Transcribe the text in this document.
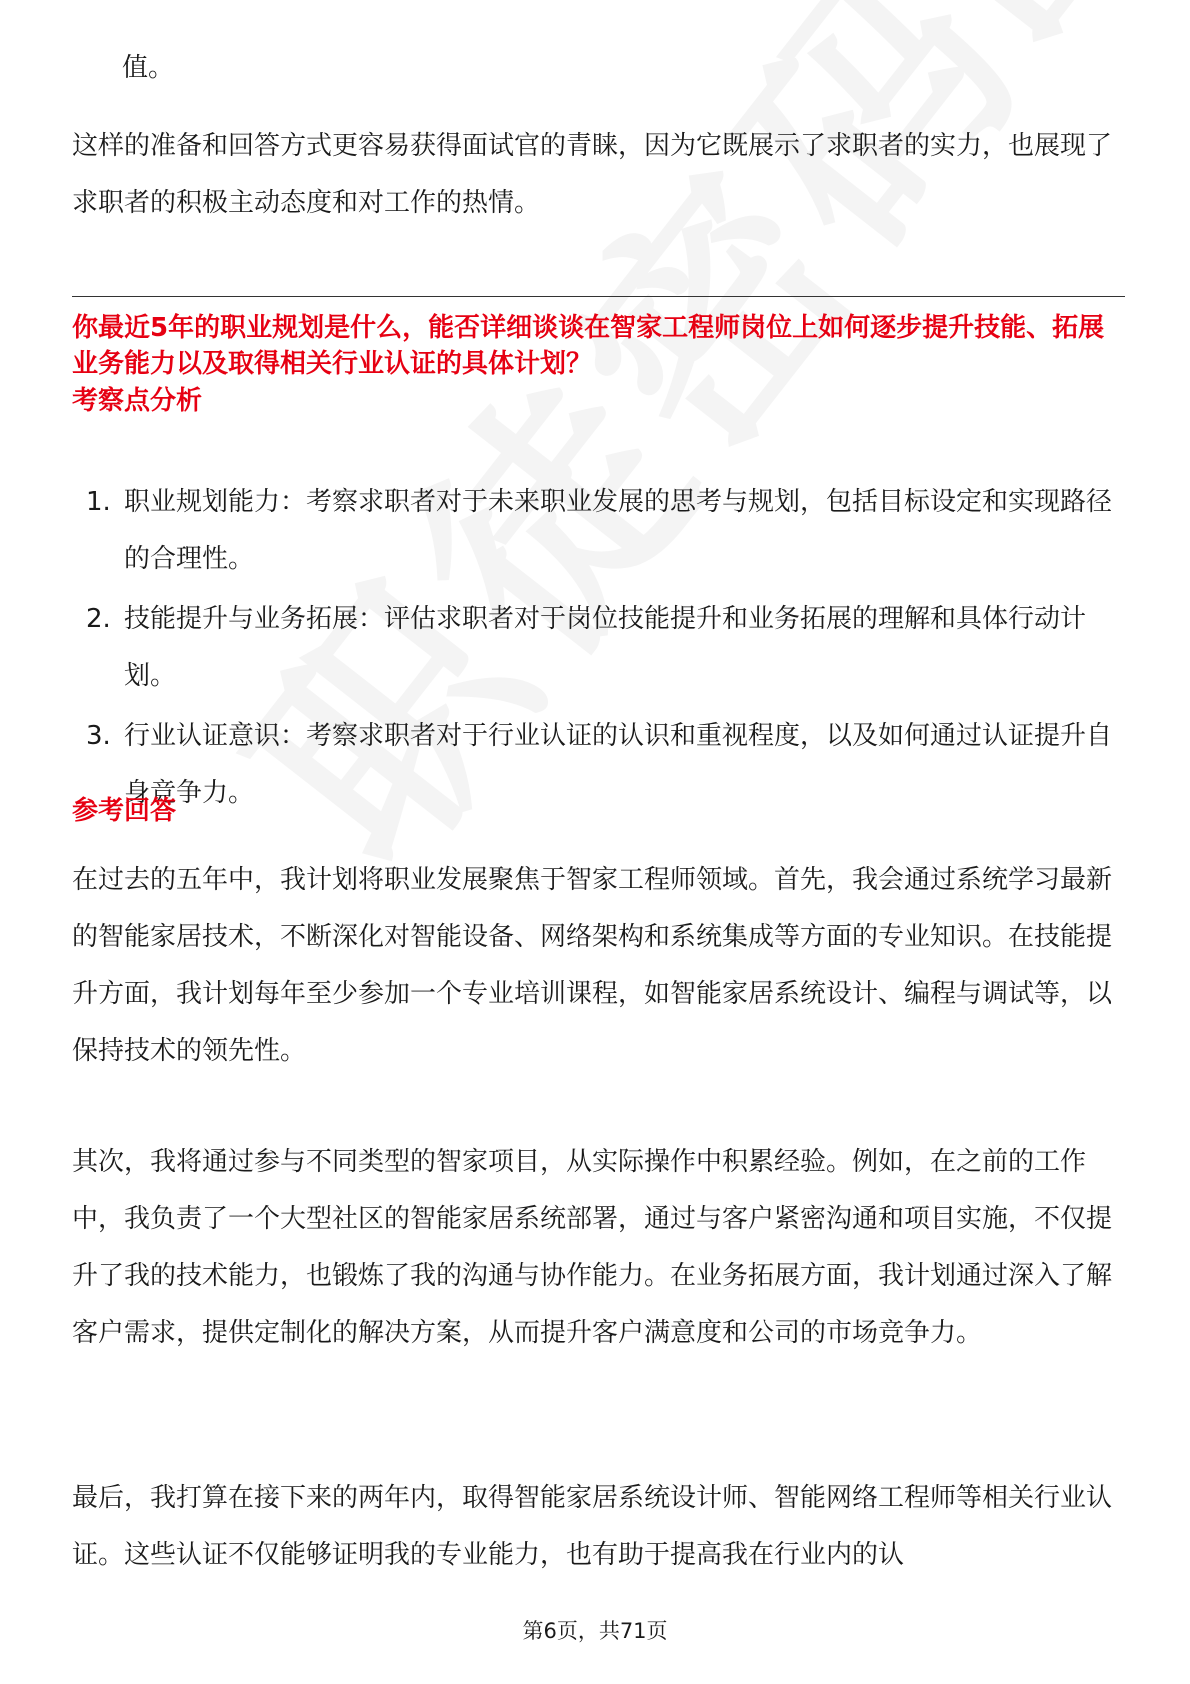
值。

这样的准备和回答方式更容易获得面试官的青睐，因为它既展示了求职者的实力，也展现了求职者的积极主动态度和对工作的热情。

你最近5年的职业规划是什么，能否详细谈谈在智家工程师岗位上如何逐步提升技能、拓展业务能力以及取得相关行业认证的具体计划？

考察点分析

1. 职业规划能力：考察求职者对于未来职业发展的思考与规划，包括目标设定和实现路径的合理性。
2. 技能提升与业务拓展：评估求职者对于岗位技能提升和业务拓展的理解和具体行动计划。
3. 行业认证意识：考察求职者对于行业认证的认识和重视程度，以及如何通过认证提升自身竞争力。

参考回答

在过去的五年中，我计划将职业发展聚焦于智家工程师领域。首先，我会通过系统学习最新的智能家居技术，不断深化对智能设备、网络架构和系统集成等方面的专业知识。在技能提升方面，我计划每年至少参加一个专业培训课程，如智能家居系统设计、编程与调试等，以保持技术的领先性。

其次，我将通过参与不同类型的智家项目，从实际操作中积累经验。例如，在之前的工作中，我负责了一个大型社区的智能家居系统部署，通过与客户紧密沟通和项目实施，不仅提升了我的技术能力，也锻炼了我的沟通与协作能力。在业务拓展方面，我计划通过深入了解客户需求，提供定制化的解决方案，从而提升客户满意度和公司的市场竞争力。

最后，我打算在接下来的两年内，取得智能家居系统设计师、智能网络工程师等相关行业认证。这些认证不仅能够证明我的专业能力，也有助于提高我在行业内的认

第6页，共71页
